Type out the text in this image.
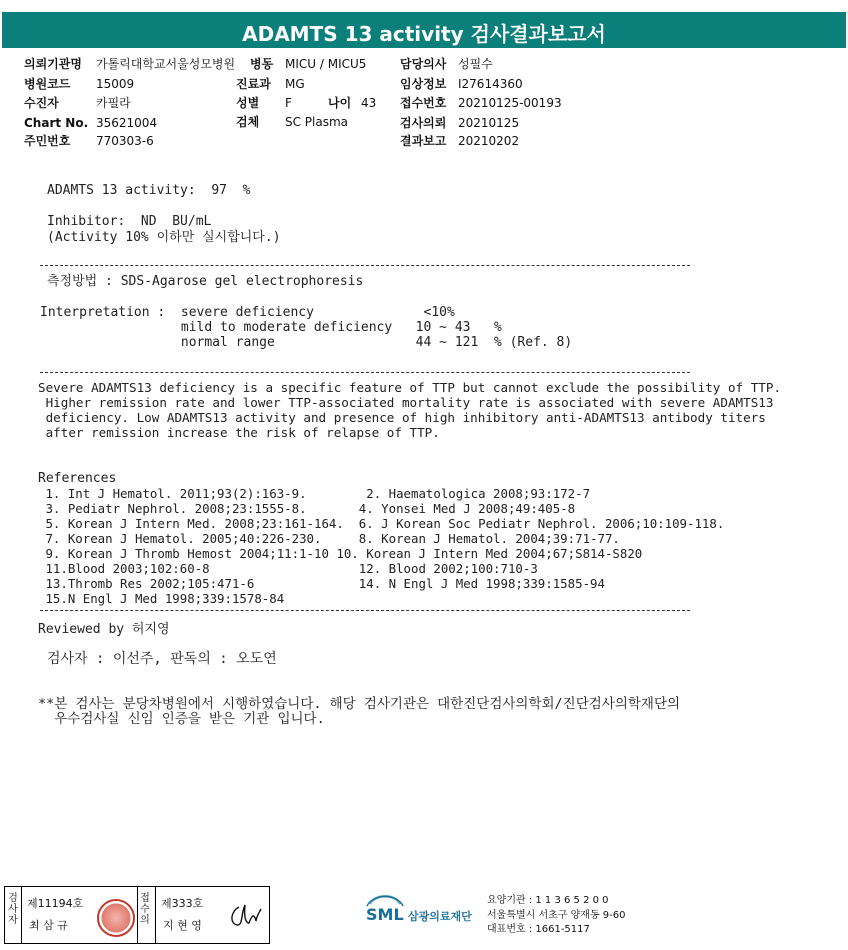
ADAMTS 13 activity 검사결과보고서
의뢰기관명 가톨릭대학교서울성모병원 병동 MICU / MICU5	담당의사 성필수
병원코드 15009	진료과 MG	임상정보 I27614360
수진자	카필라	성별 F	나이 43 접수번호 20210125-00193
Chart No. 35621004	검체 SC Plasma	검사의뢰 20210125
주민번호 770303-6	결과보고 20210202
ADAMTS 13 activity:  97  %
Inhibitor:  ND  BU/mL
(Activity 10% 이하만 실시합니다.)
측정방법 : SDS-Agarose gel electrophoresis
Interpretation :  severe deficiency              <10%
mild to moderate deficiency   10 ~ 43   %
normal range                  44 ~ 121  % (Ref. 8)
Severe ADAMTS13 deficiency is a specific feature of TTP but cannot exclude the possibility of TTP.
Higher remission rate and lower TTP-associated mortality rate is associated with severe ADAMTS13
deficiency. Low ADAMTS13 activity and presence of high inhibitory anti-ADAMTS13 antibody titers
after remission increase the risk of relapse of TTP.
References
1. Int J Hematol. 2011;93(2):163-9.        2. Haematologica 2008;93:172-7
3. Pediatr Nephrol. 2008;23:1555-8.       4. Yonsei Med J 2008;49:405-8
5. Korean J Intern Med. 2008;23:161-164.  6. J Korean Soc Pediatr Nephrol. 2006;10:109-118.
7. Korean J Hematol. 2005;40:226-230.     8. Korean J Hematol. 2004;39:71-77.
9. Korean J Thromb Hemost 2004;11:1-10 10. Korean J Intern Med 2004;67;S814-S820
11.Blood 2003;102:60-8                    12. Blood 2002;100:710-3
13.Thromb Res 2002;105:471-6              14. N Engl J Med 1998;339:1585-94
15.N Engl J Med 1998;339:1578-84
Reviewed by 허지영
검사자 : 이선주, 판독의 : 오도연
**본 검사는 분당차병원에서 시행하였습니다. 해당 검사기관은 대한진단검사의학회/진단검사의학재단의
우수검사실 신임 인증을 받은 기관 입니다.
검
사
자
제11194호
최 삼 규
접
수
의
제333호
지 현 영
SML 삼광의료재단
요양기관 : 1 1 3 6 5 2 0 0
서울특별시 서초구 양재동 9-60
대표번호 : 1661-5117
